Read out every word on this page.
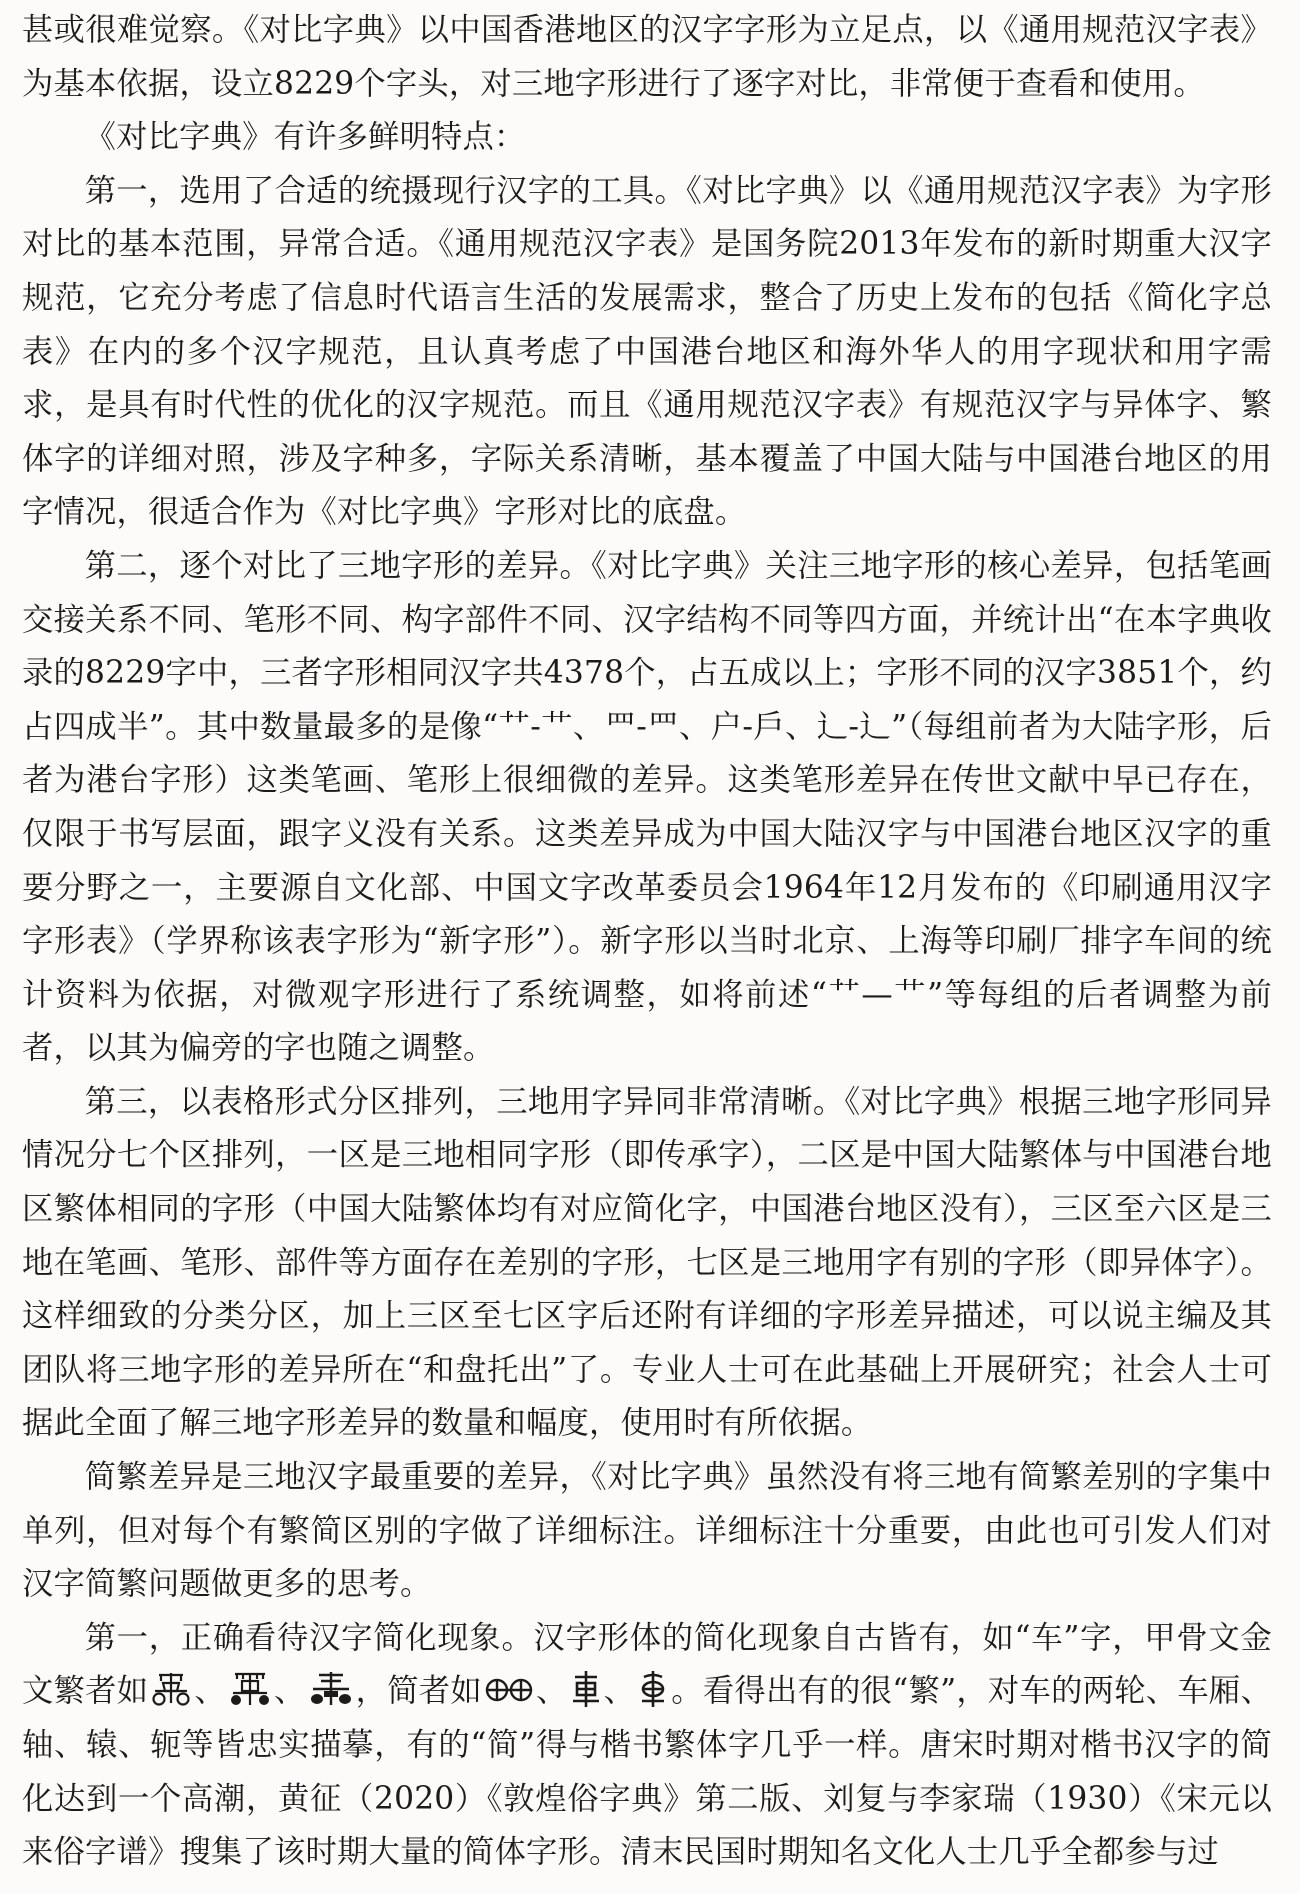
甚或很难觉察。《对比字典》以中国香港地区的汉字字形为立足点，以《通用规范汉字表》为基本依据，设立8229个字头，对三地字形进行了逐字对比，非常便于查看和使用。

《对比字典》有许多鲜明特点：

第一，选用了合适的统摄现行汉字的工具。《对比字典》以《通用规范汉字表》为字形对比的基本范围，异常合适。《通用规范汉字表》是国务院2013年发布的新时期重大汉字规范，它充分考虑了信息时代语言生活的发展需求，整合了历史上发布的包括《简化字总表》在内的多个汉字规范，且认真考虑了中国港台地区和海外华人的用字现状和用字需求，是具有时代性的优化的汉字规范。而且《通用规范汉字表》有规范汉字与异体字、繁体字的详细对照，涉及字种多，字际关系清晰，基本覆盖了中国大陆与中国港台地区的用字情况，很适合作为《对比字典》字形对比的底盘。

第二，逐个对比了三地字形的差异。《对比字典》关注三地字形的核心差异，包括笔画交接关系不同、笔形不同、构字部件不同、汉字结构不同等四方面，并统计出“在本字典收录的8229字中，三者字形相同汉字共4378个，占五成以上；字形不同的汉字3851个，约占四成半”。其中数量最多的是像“⺿-艹、⺫-罒、户-戶、辶-辶”（每组前者为大陆字形，后者为港台字形）这类笔画、笔形上很细微的差异。这类笔形差异在传世文献中早已存在，仅限于书写层面，跟字义没有关系。这类差异成为中国大陆汉字与中国港台地区汉字的重要分野之一，主要源自文化部、中国文字改革委员会1964年12月发布的《印刷通用汉字字形表》（学界称该表字形为“新字形”）。新字形以当时北京、上海等印刷厂排字车间的统计资料为依据，对微观字形进行了系统调整，如将前述“⺿—艹”等每组的后者调整为前者，以其为偏旁的字也随之调整。

第三，以表格形式分区排列，三地用字异同非常清晰。《对比字典》根据三地字形同异情况分七个区排列，一区是三地相同字形（即传承字），二区是中国大陆繁体与中国港台地区繁体相同的字形（中国大陆繁体均有对应简化字，中国港台地区没有），三区至六区是三地在笔画、笔形、部件等方面存在差别的字形，七区是三地用字有别的字形（即异体字）。这样细致的分类分区，加上三区至七区字后还附有详细的字形差异描述，可以说主编及其团队将三地字形的差异所在“和盘托出”了。专业人士可在此基础上开展研究；社会人士可据此全面了解三地字形差异的数量和幅度，使用时有所依据。

简繁差异是三地汉字最重要的差异，《对比字典》虽然没有将三地有简繁差别的字集中单列，但对每个有繁简区别的字做了详细标注。详细标注十分重要，由此也可引发人们对汉字简繁问题做更多的思考。

第一，正确看待汉字简化现象。汉字形体的简化现象自古皆有，如“车”字，甲骨文金文繁者如 、 、 ，简者如 、 、 。看得出有的很“繁”，对车的两轮、车厢、轴、辕、轭等皆忠实描摹，有的“简”得与楷书繁体字几乎一样。唐宋时期对楷书汉字的简化达到一个高潮，黄征（2020）《敦煌俗字典》第二版、刘复与李家瑞（1930）《宋元以来俗字谱》搜集了该时期大量的简体字形。清末民国时期知名文化人士几乎全都参与过
